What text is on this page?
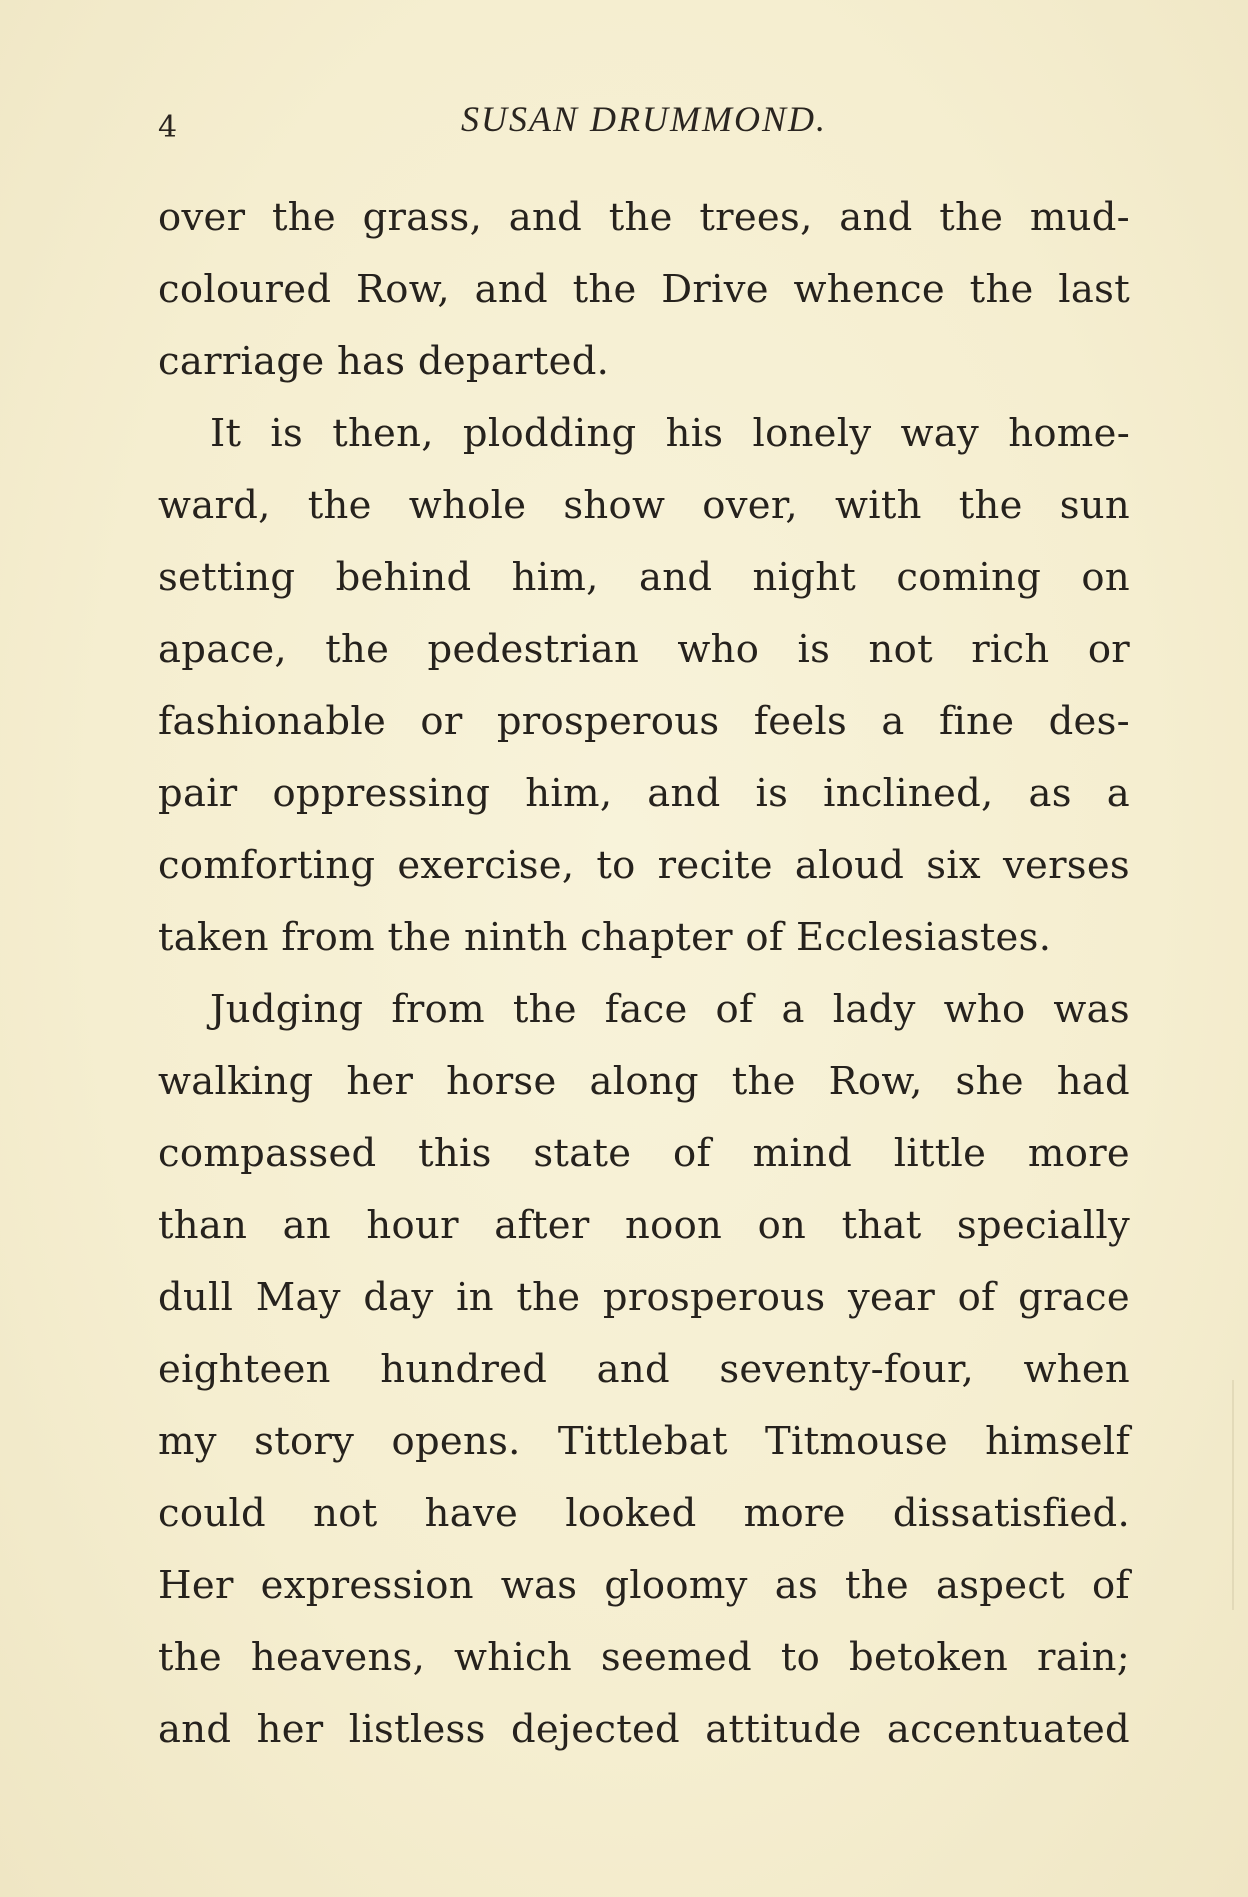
4	SUSAN DRUMMOND.
over the grass, and the trees, and the mud-
coloured Row, and the Drive whence the last
carriage has departed.
It is then, plodding his lonely way home-
ward, the whole show over, with the sun
setting behind him, and night coming on
apace, the pedestrian who is not rich or
fashionable or prosperous feels a fine des-
pair oppressing him, and is inclined, as a
comforting exercise, to recite aloud six verses
taken from the ninth chapter of Ecclesiastes.
Judging from the face of a lady who was
walking her horse along the Row, she had
compassed this state of mind little more
than an hour after noon on that specially
dull May day in the prosperous year of grace
eighteen hundred and seventy-four, when
my story opens. Tittlebat Titmouse himself
could not have looked more dissatisfied.
Her expression was gloomy as the aspect of
the heavens, which seemed to betoken rain;
and her listless dejected attitude accentuated
